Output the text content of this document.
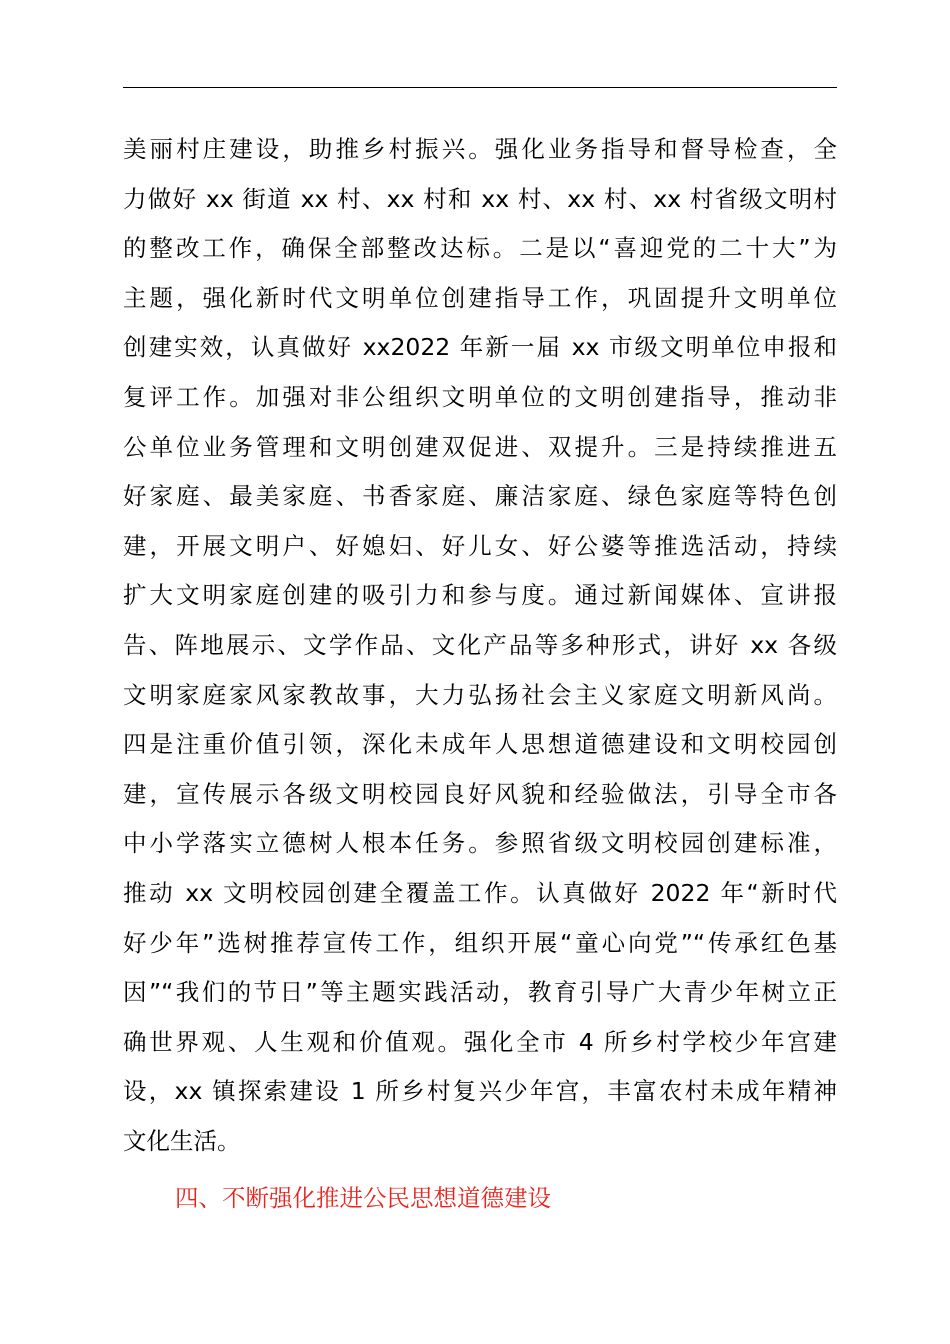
美丽村庄建设，助推乡村振兴。强化业务指导和督导检查，全
力做好 xx 街道 xx 村、xx 村和 xx 村、xx 村、xx 村省级文明村
的整改工作，确保全部整改达标。二是以“喜迎党的二十大”为
主题，强化新时代文明单位创建指导工作，巩固提升文明单位
创建实效，认真做好 xx2022 年新一届 xx 市级文明单位申报和
复评工作。加强对非公组织文明单位的文明创建指导，推动非
公单位业务管理和文明创建双促进、双提升。三是持续推进五
好家庭、最美家庭、书香家庭、廉洁家庭、绿色家庭等特色创
建，开展文明户、好媳妇、好儿女、好公婆等推选活动，持续
扩大文明家庭创建的吸引力和参与度。通过新闻媒体、宣讲报
告、阵地展示、文学作品、文化产品等多种形式，讲好 xx 各级
文明家庭家风家教故事，大力弘扬社会主义家庭文明新风尚。
四是注重价值引领，深化未成年人思想道德建设和文明校园创
建，宣传展示各级文明校园良好风貌和经验做法，引导全市各
中小学落实立德树人根本任务。参照省级文明校园创建标准，
推动 xx 文明校园创建全覆盖工作。认真做好 2022 年“新时代
好少年”选树推荐宣传工作，组织开展“童心向党”“传承红色基
因”“我们的节日”等主题实践活动，教育引导广大青少年树立正
确世界观、人生观和价值观。强化全市 4 所乡村学校少年宫建
设，xx 镇探索建设 1 所乡村复兴少年宫，丰富农村未成年精神
文化生活。
四、不断强化推进公民思想道德建设
